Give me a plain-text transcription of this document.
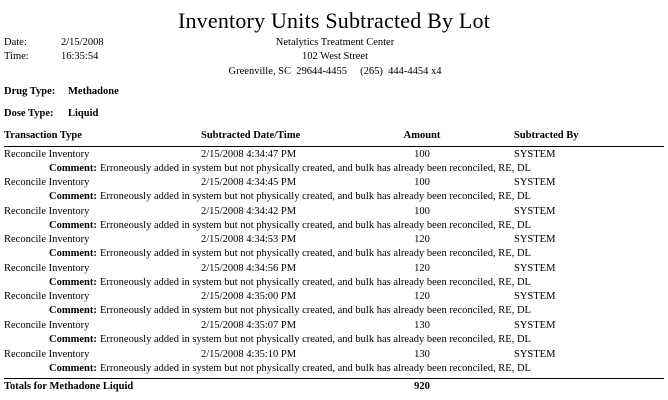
Inventory Units Subtracted By Lot
Date:	2/15/2008
Time:	16:35:54
Netalytics Treatment Center
102 West Street
Greenville, SC  29644-4455     (265)  444-4454 x4
Drug Type: Methadone
Dose Type: Liquid
Transaction Type	Subtracted Date/Time	Amount	Subtracted By
Reconcile Inventory	2/15/2008 4:34:47 PM	100	SYSTEM
Comment: Erroneously added in system but not physically created, and bulk has already been reconciled, RE, DL
Reconcile Inventory	2/15/2008 4:34:45 PM	100	SYSTEM
Comment: Erroneously added in system but not physically created, and bulk has already been reconciled, RE, DL
Reconcile Inventory	2/15/2008 4:34:42 PM	100	SYSTEM
Comment: Erroneously added in system but not physically created, and bulk has already been reconciled, RE, DL
Reconcile Inventory	2/15/2008 4:34:53 PM	120	SYSTEM
Comment: Erroneously added in system but not physically created, and bulk has already been reconciled, RE, DL
Reconcile Inventory	2/15/2008 4:34:56 PM	120	SYSTEM
Comment: Erroneously added in system but not physically created, and bulk has already been reconciled, RE, DL
Reconcile Inventory	2/15/2008 4:35:00 PM	120	SYSTEM
Comment: Erroneously added in system but not physically created, and bulk has already been reconciled, RE, DL
Reconcile Inventory	2/15/2008 4:35:07 PM	130	SYSTEM
Comment: Erroneously added in system but not physically created, and bulk has already been reconciled, RE, DL
Reconcile Inventory	2/15/2008 4:35:10 PM	130	SYSTEM
Comment: Erroneously added in system but not physically created, and bulk has already been reconciled, RE, DL
Totals for Methadone Liquid	920
